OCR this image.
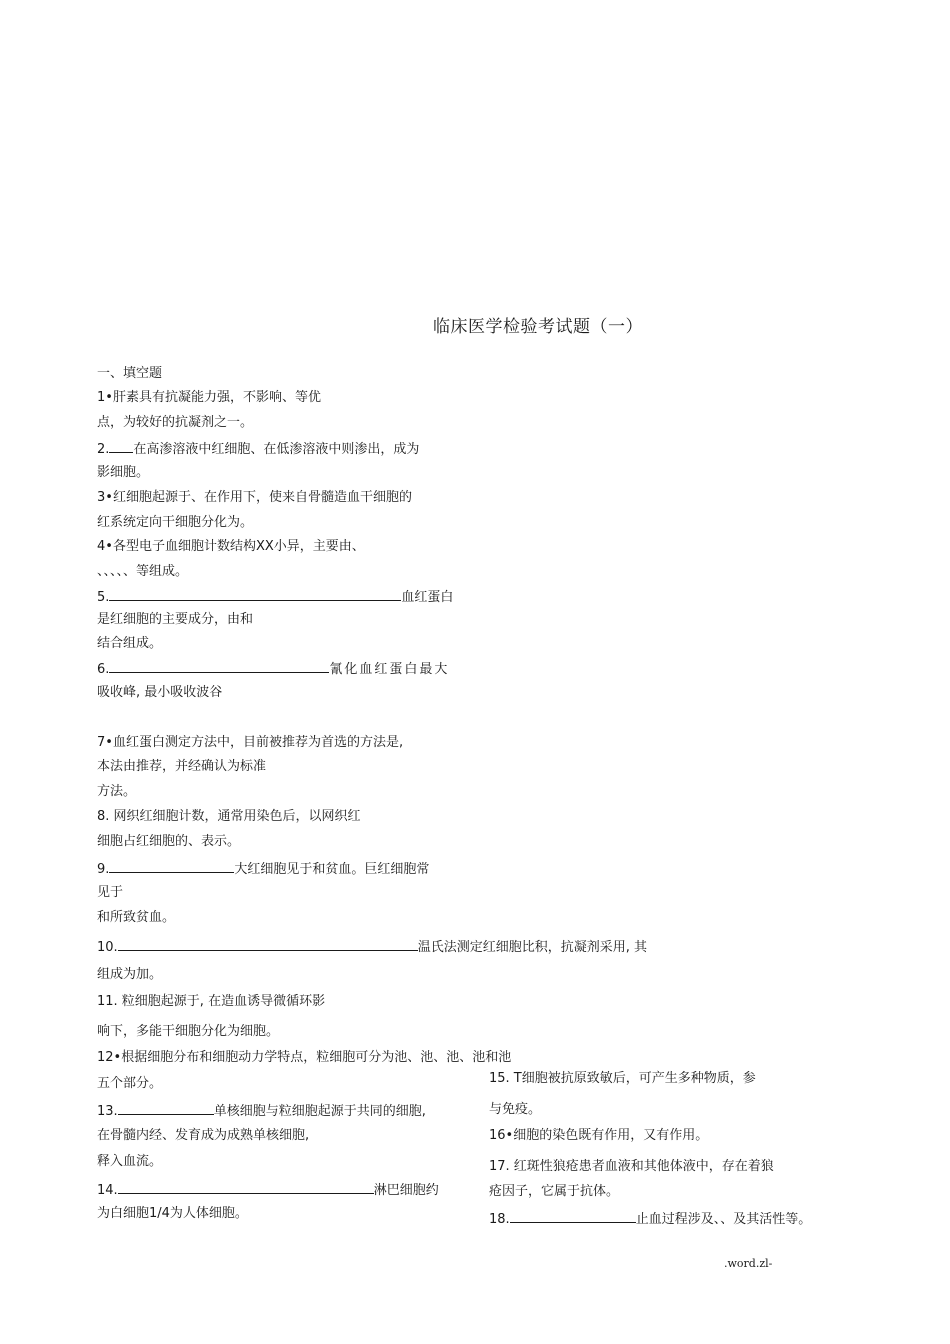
临床医学检验考试题（一）
一、填空题
1•肝素具有抗凝能力强，不影响、等优
点，为较好的抗凝剂之一。
2. 在高渗溶液中红细胞、在低渗溶液中则渗出，成为
影细胞。
3•红细胞起源于、在作用下，使来自骨髓造血干细胞的
红系统定向干细胞分化为。
4•各型电子血细胞计数结构XX小异，主要由、
、、、、、等组成。
5.	血红蛋白
是红细胞的主要成分，由和
结合组成。
6.	氰化血红蛋白最大
吸收峰, 最小吸收波谷
7•血红蛋白测定方法中，目前被推荐为首选的方法是,
本法由推荐，并经确认为标准
方法。
8. 网织红细胞计数，通常用染色后，以网织红
细胞占红细胞的、表示。
9.	大红细胞见于和贫血。巨红细胞常
见于
和所致贫血。
10.	温氏法测定红细胞比积，抗凝剂采用, 其
组成为加。
11. 粒细胞起源于, 在造血诱导微循环影
响下，多能干细胞分化为细胞。
12•根据细胞分布和细胞动力学特点，粒细胞可分为池、池、池、池和池
五个部分。
13.	单核细胞与粒细胞起源于共同的细胞,
在骨髓内经、发育成为成熟单核细胞,
释入血流。
14.	淋巴细胞约
为白细胞1/4为人体细胞。
15. T细胞被抗原致敏后，可产生多种物质，参
与免疫。
16•细胞的染色既有作用，又有作用。
17. 红斑性狼疮患者血液和其他体液中，存在着狼
疮因子，它属于抗体。
18.	止血过程涉及、、及其活性等。
.word.zl-
